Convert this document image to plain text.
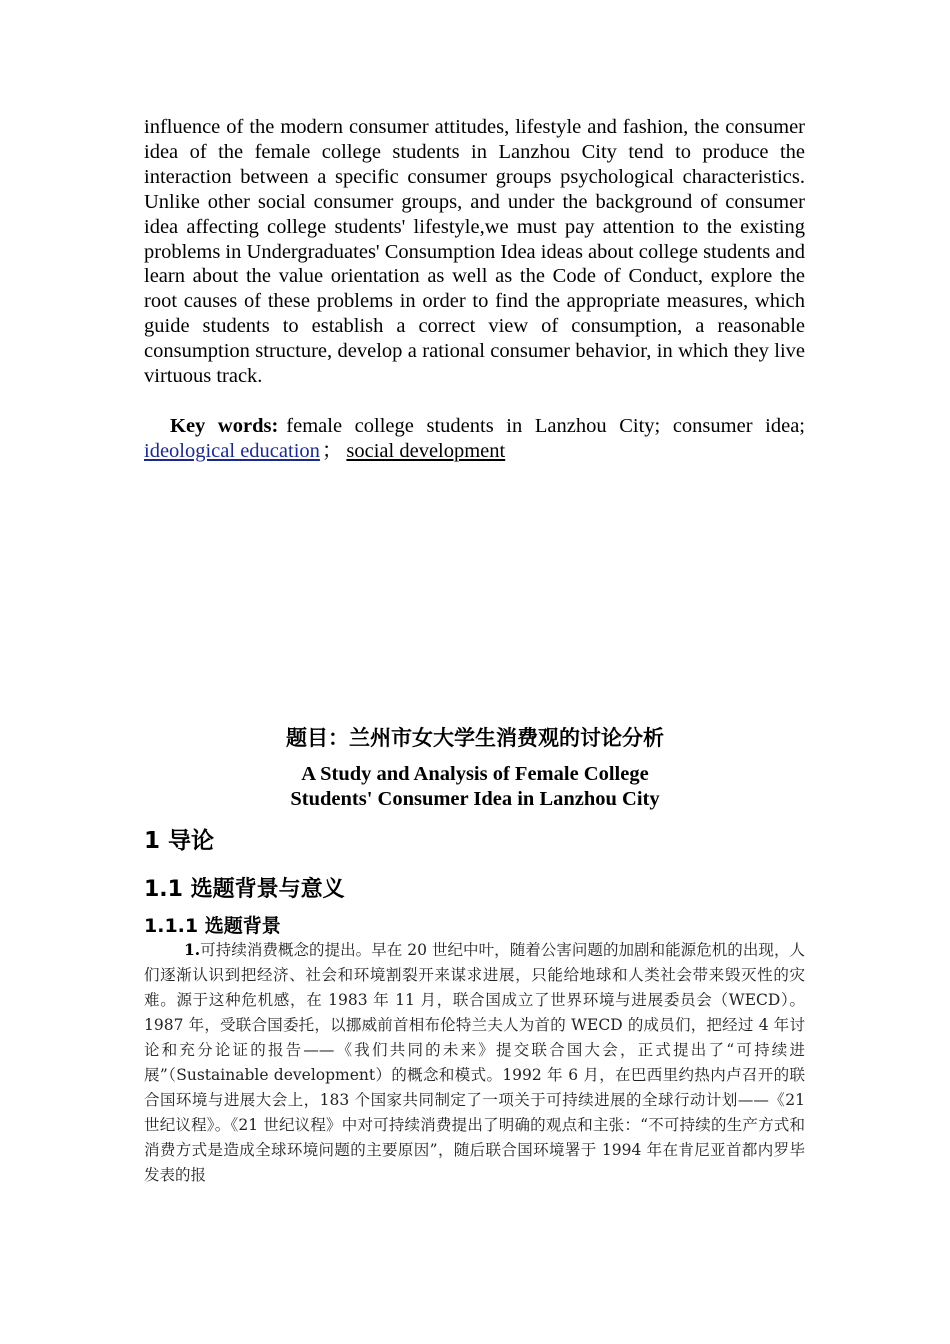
influence of the modern consumer attitudes, lifestyle and fashion, the consumer idea of the female college students in Lanzhou City tend to produce the interaction between a specific consumer groups psychological characteristics. Unlike other social consumer groups, and under the background of consumer idea affecting college students' lifestyle,we must pay attention to the existing problems in Undergraduates' Consumption Idea ideas about college students and learn about the value orientation as well as the Code of Conduct, explore the root causes of these problems in order to find the appropriate measures, which guide students to establish a correct view of consumption, a reasonable consumption structure, develop a rational consumer behavior, in which they live virtuous track.

Key words: female college students in Lanzhou City; consumer idea; ideological education； social development

题目：兰州市女大学生消费观的讨论分析

A Study and Analysis of Female College
Students' Consumer Idea in Lanzhou City
1 导论
1.1 选题背景与意义
1.1.1 选题背景

1.可持续消费概念的提出。早在 20 世纪中叶，随着公害问题的加剧和能源危机的出现，人们逐渐认识到把经济、社会和环境割裂开来谋求进展，只能给地球和人类社会带来毁灭性的灾难。源于这种危机感，在 1983 年 11 月，联合国成立了世界环境与进展委员会（WECD）。1987 年，受联合国委托，以挪威前首相布伦特兰夫人为首的 WECD 的成员们，把经过 4 年讨论和充分论证的报告——《我们共同的未来》提交联合国大会，正式提出了“可持续进展”（Sustainable development）的概念和模式。1992 年 6 月，在巴西里约热内卢召开的联合国环境与进展大会上，183 个国家共同制定了一项关于可持续进展的全球行动计划——《21 世纪议程》。《21 世纪议程》中对可持续消费提出了明确的观点和主张：“不可持续的生产方式和消费方式是造成全球环境问题的主要原因”，随后联合国环境署于 1994 年在肯尼亚首都内罗毕发表的报
